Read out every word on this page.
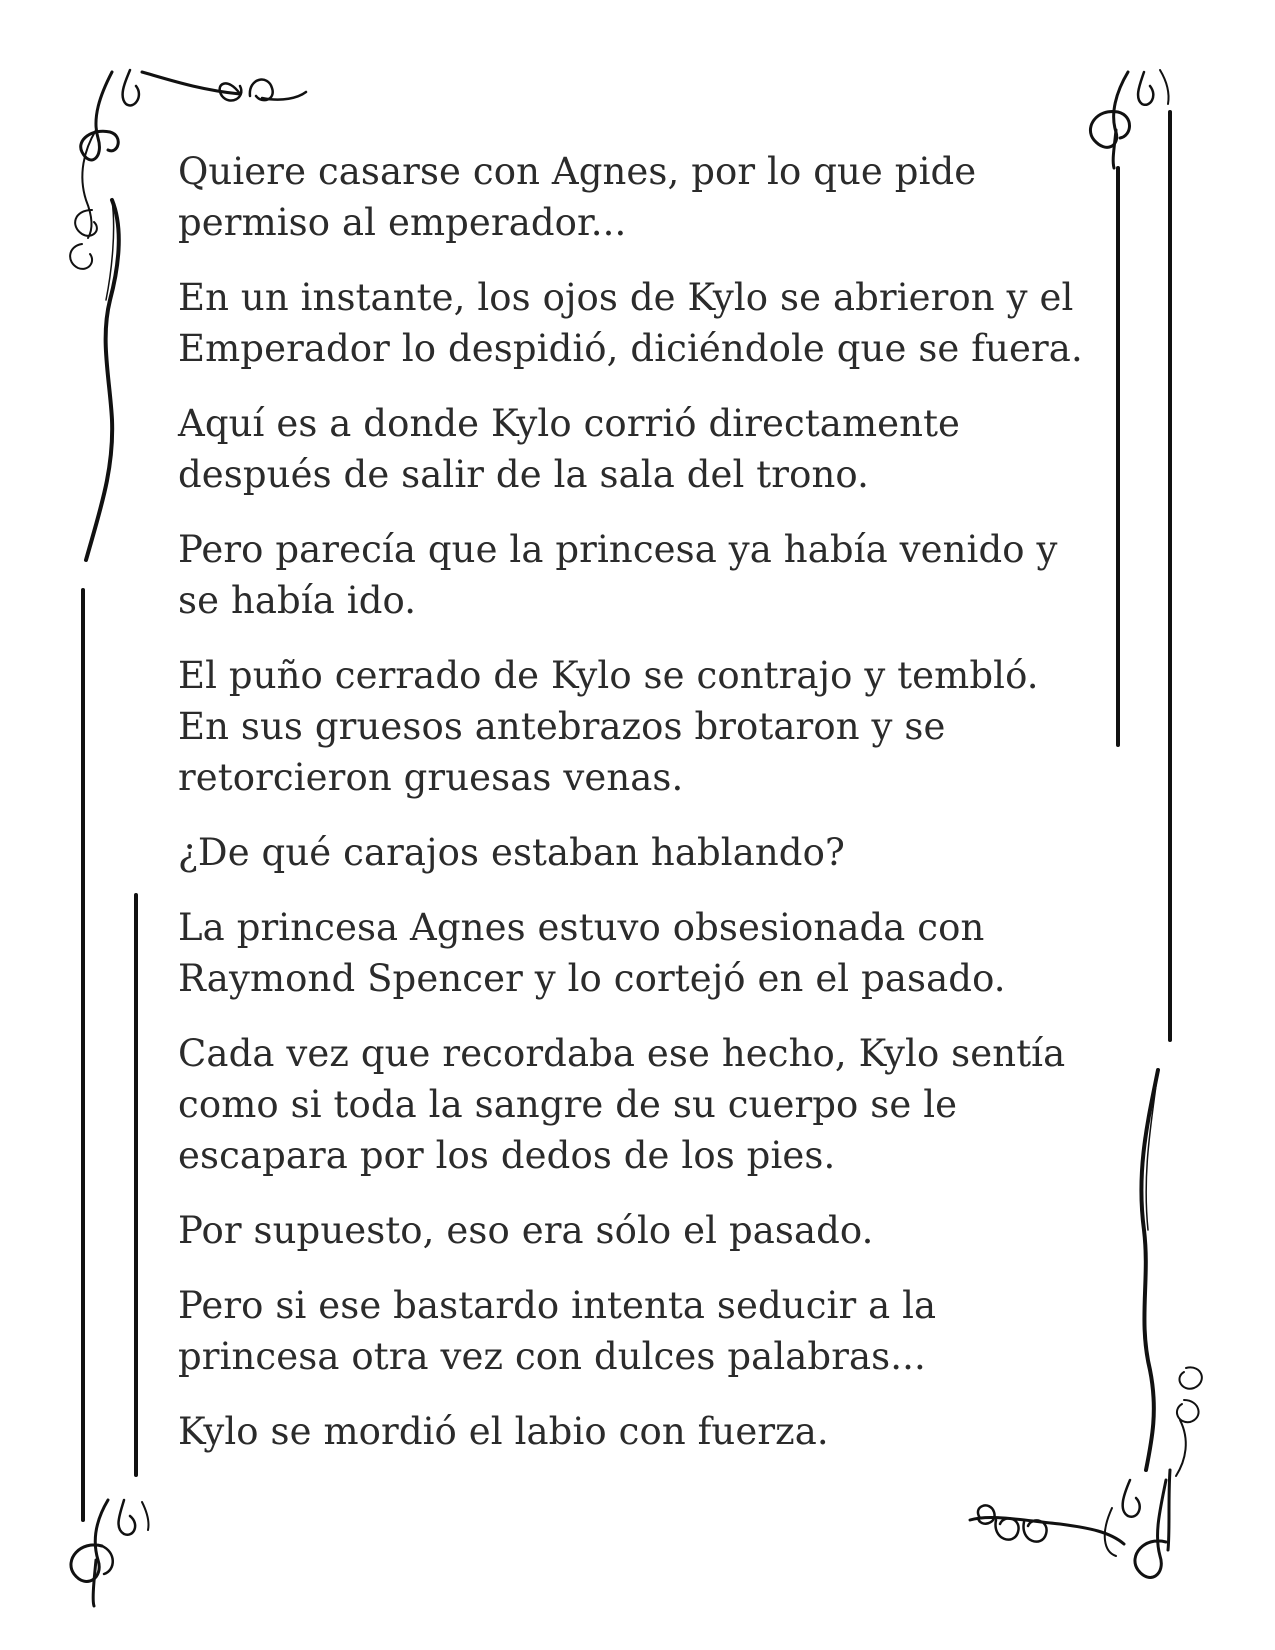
Quiere casarse con Agnes, por lo que pide
permiso al emperador...

En un instante, los ojos de Kylo se abrieron y el
Emperador lo despidió, diciéndole que se fuera.

Aquí es a donde Kylo corrió directamente
después de salir de la sala del trono.

Pero parecía que la princesa ya había venido y
se había ido.

El puño cerrado de Kylo se contrajo y tembló.
En sus gruesos antebrazos brotaron y se
retorcieron gruesas venas.

¿De qué carajos estaban hablando?

La princesa Agnes estuvo obsesionada con
Raymond Spencer y lo cortejó en el pasado.

Cada vez que recordaba ese hecho, Kylo sentía
como si toda la sangre de su cuerpo se le
escapara por los dedos de los pies.

Por supuesto, eso era sólo el pasado.

Pero si ese bastardo intenta seducir a la
princesa otra vez con dulces palabras...

Kylo se mordió el labio con fuerza.
